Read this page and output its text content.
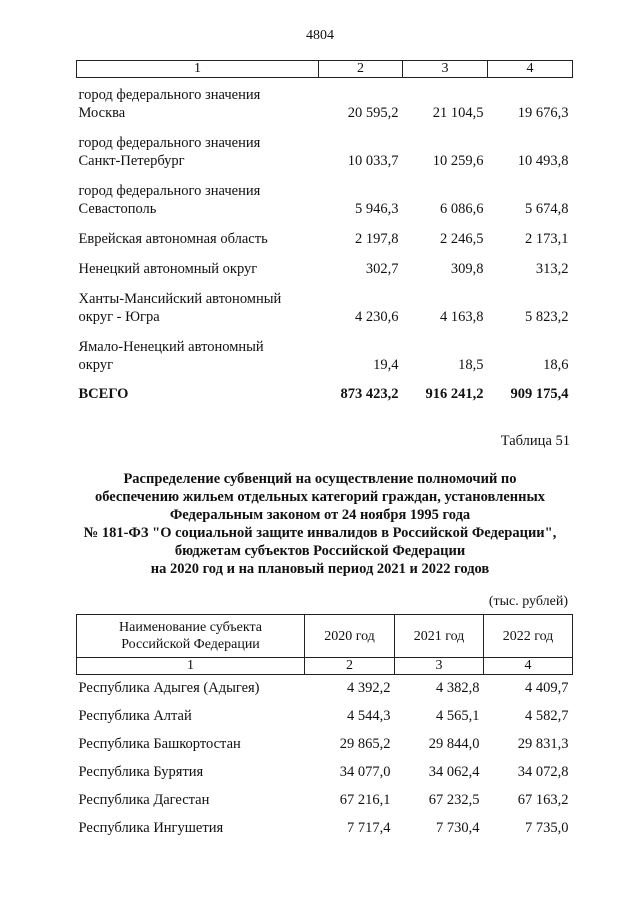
4804
1	2	3	4
город федерального значения
Москва	20 595,2	21 104,5	19 676,3
город федерального значения
Санкт-Петербург	10 033,7	10 259,6	10 493,8
город федерального значения
Севастополь	5 946,3	6 086,6	5 674,8
Еврейская автономная область	2 197,8	2 246,5	2 173,1
Ненецкий автономный округ	302,7	309,8	313,2
Ханты-Мансийский автономный
округ - Югра	4 230,6	4 163,8	5 823,2
Ямало-Ненецкий автономный
округ	19,4	18,5	18,6
ВСЕГО	873 423,2	916 241,2	909 175,4
Таблица 51
Распределение субвенций на осуществление полномочий по
обеспечению жильем отдельных категорий граждан, установленных
Федеральным законом от 24 ноября 1995 года
№ 181-ФЗ "О социальной защите инвалидов в Российской Федерации",
бюджетам субъектов Российской Федерации
на 2020 год и на плановый период 2021 и 2022 годов
(тыс. рублей)
Наименование субъекта
Российской Федерации	2020 год	2021 год	2022 год
1	2	3	4
Республика Адыгея (Адыгея)	4 392,2	4 382,8	4 409,7
Республика Алтай	4 544,3	4 565,1	4 582,7
Республика Башкортостан	29 865,2	29 844,0	29 831,3
Республика Бурятия	34 077,0	34 062,4	34 072,8
Республика Дагестан	67 216,1	67 232,5	67 163,2
Республика Ингушетия	7 717,4	7 730,4	7 735,0
